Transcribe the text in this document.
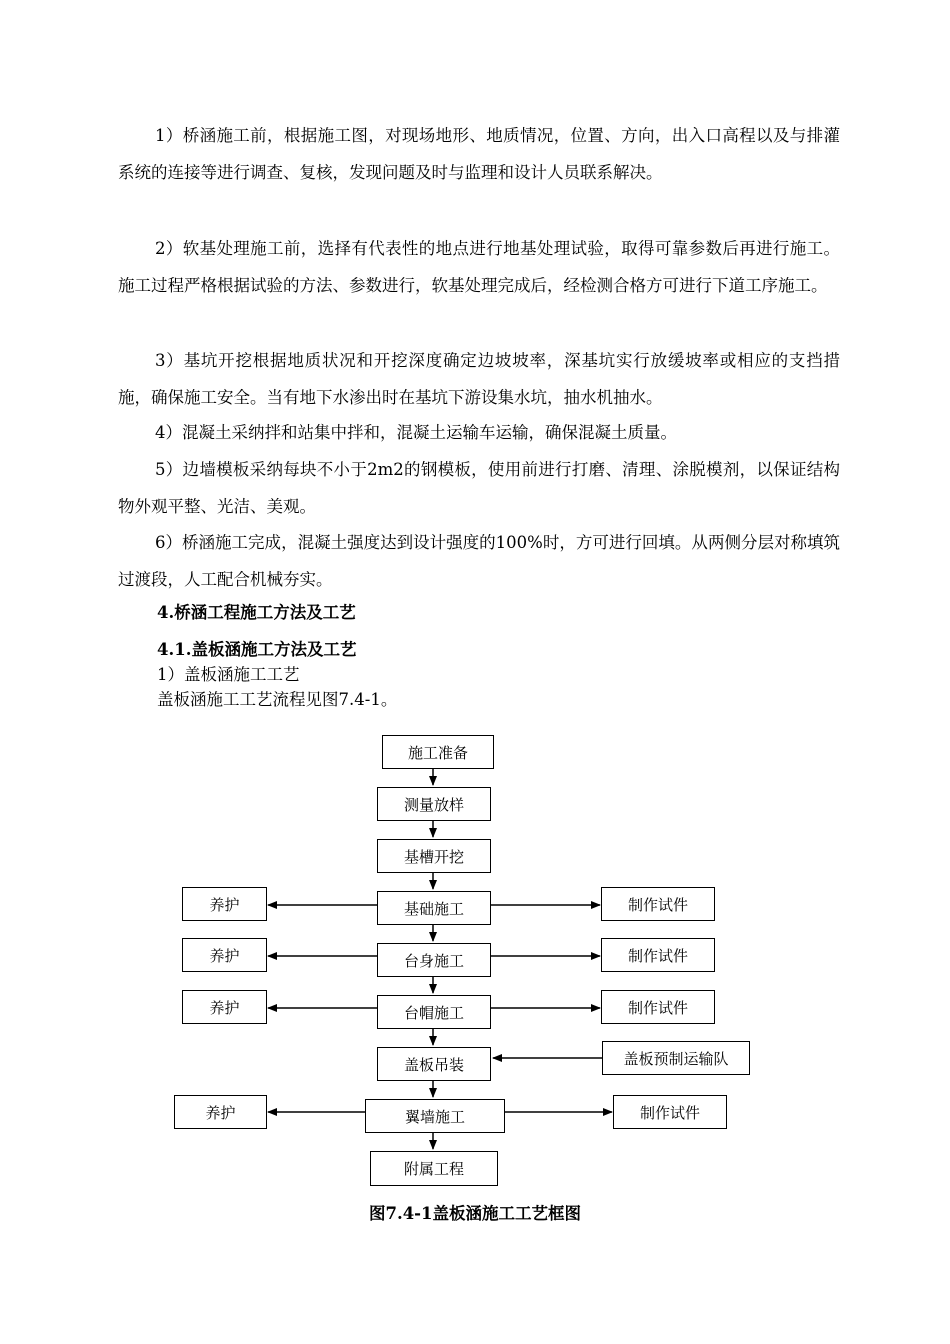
1）桥涵施工前，根据施工图，对现场地形、地质情况，位置、方向，出入口高程以及与排灌系统的连接等进行调查、复核，发现问题及时与监理和设计人员联系解决。

2）软基处理施工前，选择有代表性的地点进行地基处理试验，取得可靠参数后再进行施工。施工过程严格根据试验的方法、参数进行，软基处理完成后，经检测合格方可进行下道工序施工。

3）基坑开挖根据地质状况和开挖深度确定边坡坡率，深基坑实行放缓坡率或相应的支挡措施，确保施工安全。当有地下水渗出时在基坑下游设集水坑，抽水机抽水。

4）混凝土采纳拌和站集中拌和，混凝土运输车运输，确保混凝土质量。

5）边墙模板采纳每块不小于2m2的钢模板，使用前进行打磨、清理、涂脱模剂，以保证结构物外观平整、光洁、美观。

6）桥涵施工完成，混凝土强度达到设计强度的100%时，方可进行回填。从两侧分层对称填筑过渡段，人工配合机械夯实。

4.桥涵工程施工方法及工艺

4.1.盖板涵施工方法及工艺

1）盖板涵施工工艺

盖板涵施工工艺流程见图7.4-1。

施工准备
测量放样
基槽开挖
基础施工
台身施工
台帽施工
盖板吊装
翼墙施工
附属工程
养护
养护
养护
养护
制作试件
制作试件
制作试件
盖板预制运输队
制作试件
图7.4-1盖板涵施工工艺框图
